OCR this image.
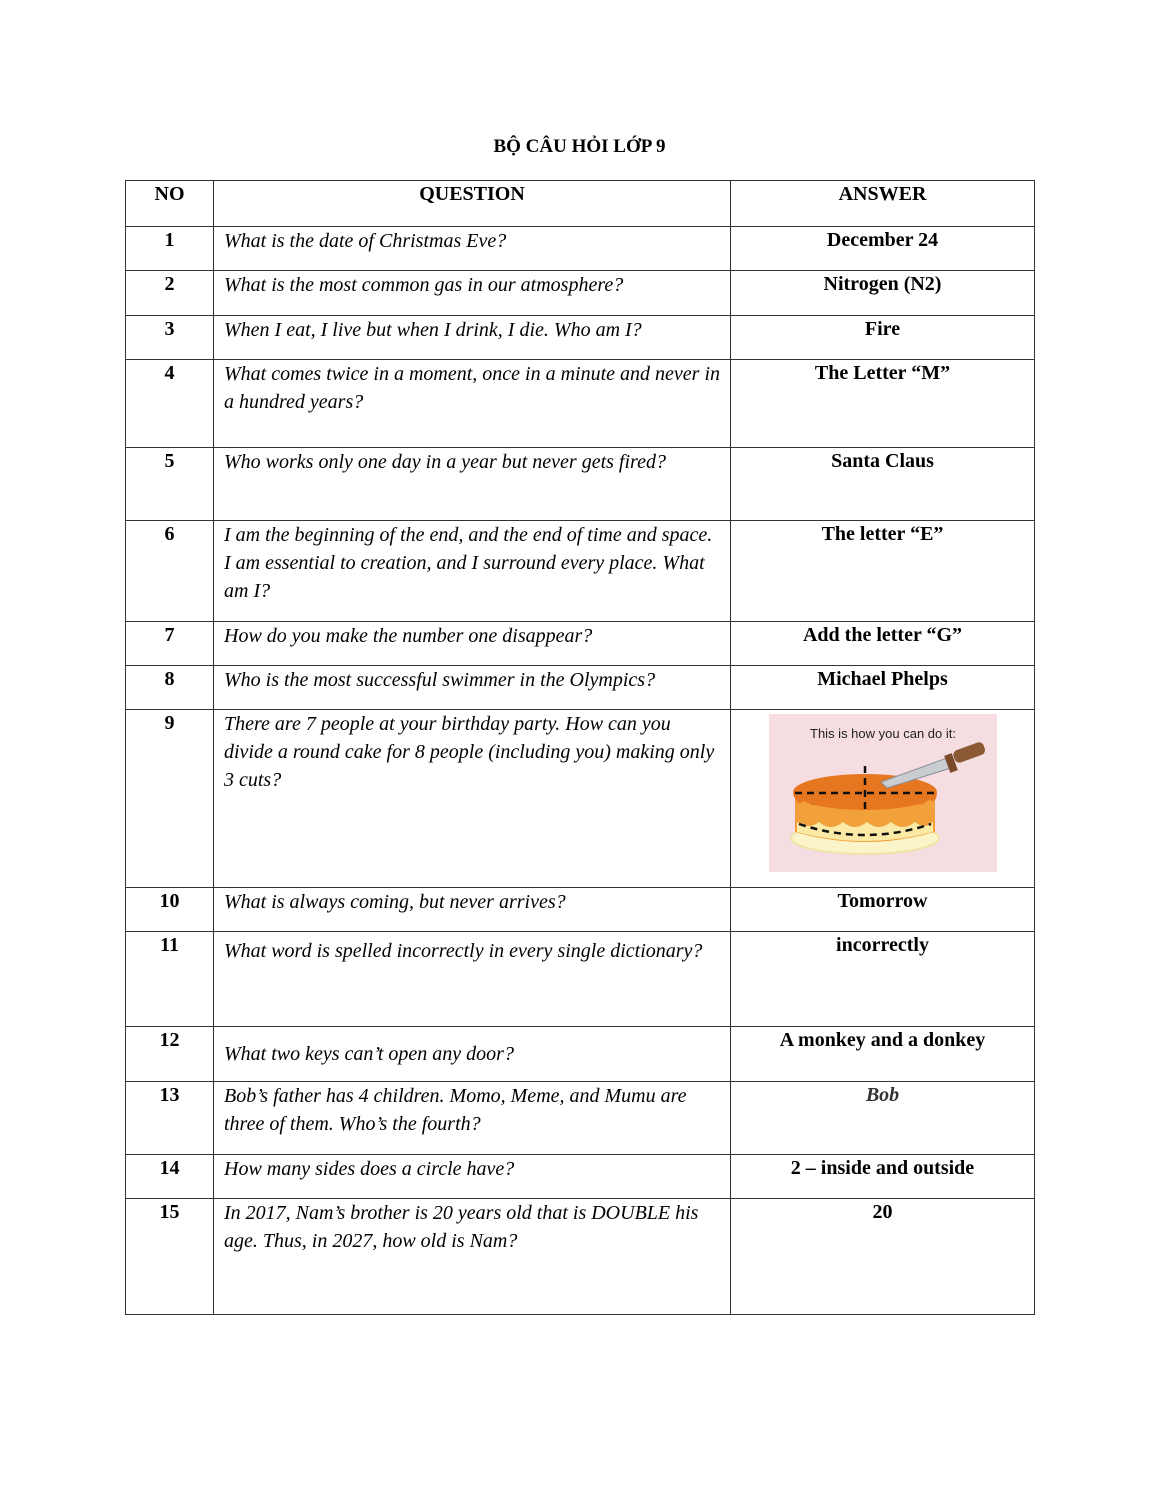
BỘ CÂU HỎI LỚP 9
NO	QUESTION	ANSWER
1	What is the date of Christmas Eve?	December 24
2	What is the most common gas in our atmosphere?	Nitrogen (N2)
3	When I eat, I live but when I drink, I die. Who am I?	Fire
4	What comes twice in a moment, once in a minute and never in a hundred years?	The Letter “M”
5	Who works only one day in a year but never gets fired?	Santa Claus
6	I am the beginning of the end, and the end of time and space. I am essential to creation, and I surround every place. What am I?	The letter “E”
7	How do you make the number one disappear?	Add the letter “G”
8	Who is the most successful swimmer in the Olympics?	Michael Phelps
9	There are 7 people at your birthday party. How can you divide a round cake for 8 people (including you) making only 3 cuts?	This is how you can do it:

10	What is always coming, but never arrives?	Tomorrow
11	What word is spelled incorrectly in every single dictionary?	incorrectly
12	What two keys can’t open any door?	A monkey and a donkey
13	Bob’s father has 4 children. Momo, Meme, and Mumu are three of them. Who’s the fourth?	Bob
14	How many sides does a circle have?	2 – inside and outside
15	In 2017, Nam’s brother is 20 years old that is DOUBLE his age. Thus, in 2027, how old is Nam?	20
